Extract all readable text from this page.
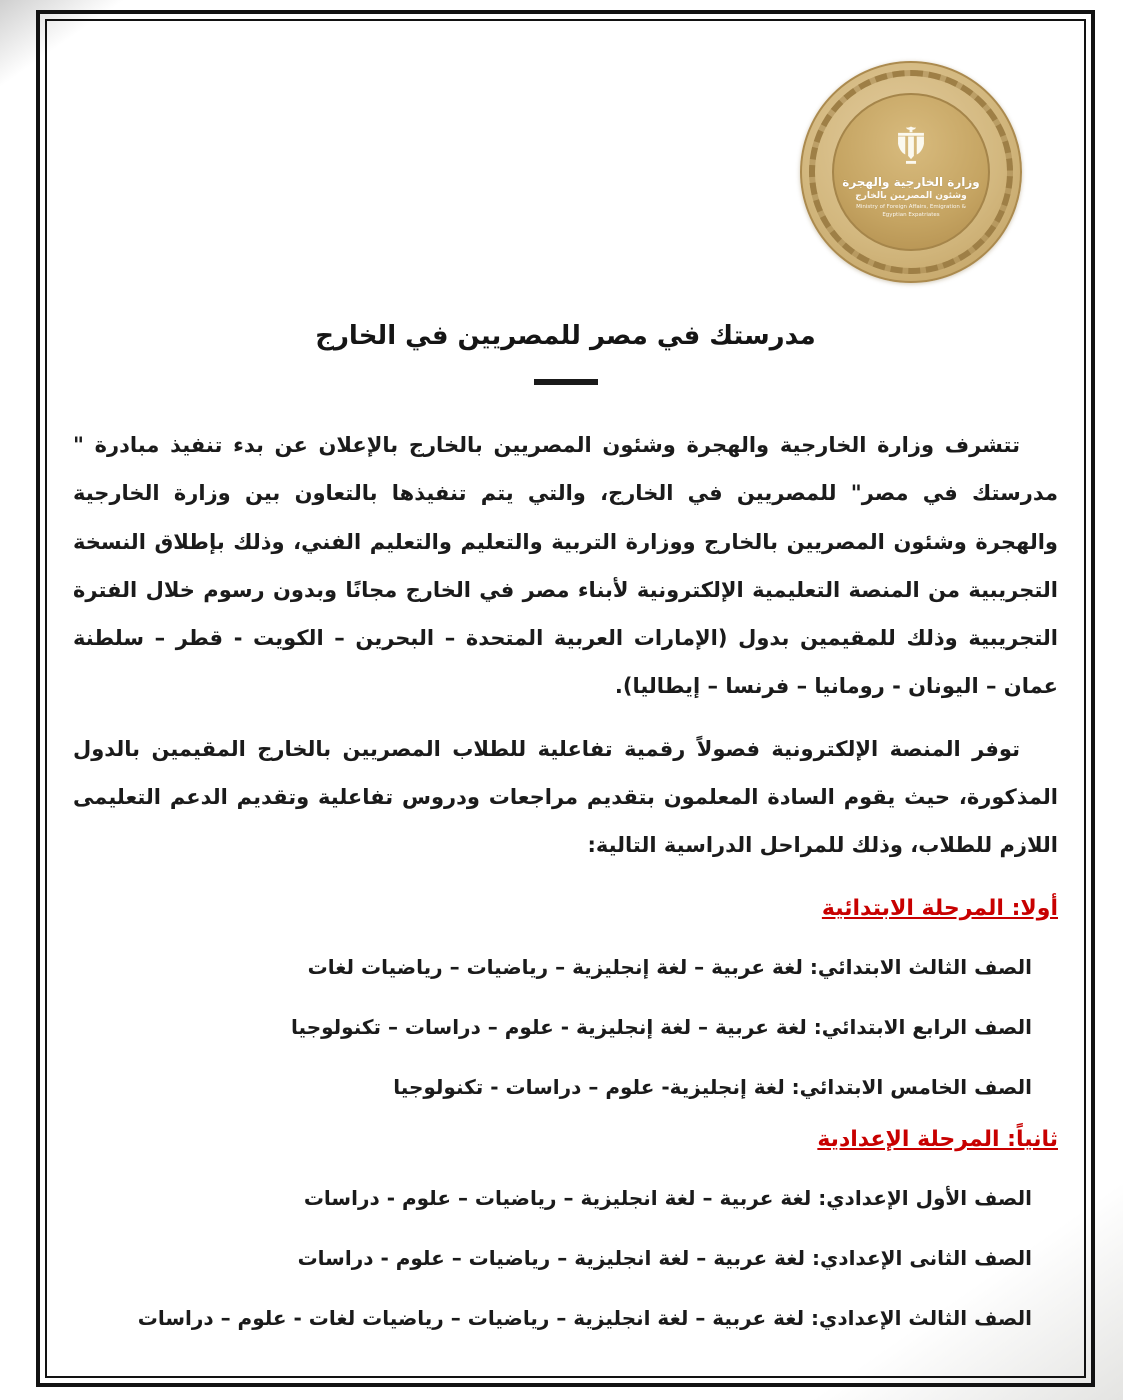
وزارة الخارجية والهجرة
وشئون المصريين بالخارج
Ministry of Foreign Affairs, Emigration & Egyptian Expatriates
مدرستك في مصر للمصريين في الخارج

تتشرف وزارة الخارجية والهجرة وشئون المصريين بالخارج بالإعلان عن بدء تنفيذ مبادرة " مدرستك في مصر" للمصريين في الخارج، والتي يتم تنفيذها بالتعاون بين وزارة الخارجية والهجرة وشئون المصريين بالخارج ووزارة التربية والتعليم والتعليم الفني، وذلك بإطلاق النسخة التجريبية من المنصة التعليمية الإلكترونية لأبناء مصر في الخارج مجانًا وبدون رسوم خلال الفترة التجريبية وذلك للمقيمين بدول (الإمارات العربية المتحدة – البحرين – الكويت - قطر – سلطنة عمان – اليونان - رومانيا – فرنسا – إيطاليا).

توفر المنصة الإلكترونية فصولاً رقمية تفاعلية للطلاب المصريين بالخارج المقيمين بالدول المذكورة، حيث يقوم السادة المعلمون بتقديم مراجعات ودروس تفاعلية وتقديم الدعم التعليمى اللازم للطلاب، وذلك للمراحل الدراسية التالية:

أولا: المرحلة الابتدائية
الصف الثالث الابتدائي: لغة عربية – لغة إنجليزية – رياضيات – رياضيات لغات
الصف الرابع الابتدائي: لغة عربية – لغة إنجليزية - علوم – دراسات – تكنولوجيا
الصف الخامس الابتدائي: لغة إنجليزية- علوم – دراسات - تكنولوجيا
ثانياً: المرحلة الإعدادية
الصف الأول الإعدادي: لغة عربية – لغة انجليزية – رياضيات – علوم - دراسات
الصف الثانى الإعدادي: لغة عربية – لغة انجليزية – رياضيات – علوم - دراسات
الصف الثالث الإعدادي: لغة عربية – لغة انجليزية – رياضيات – رياضيات لغات - علوم – دراسات
